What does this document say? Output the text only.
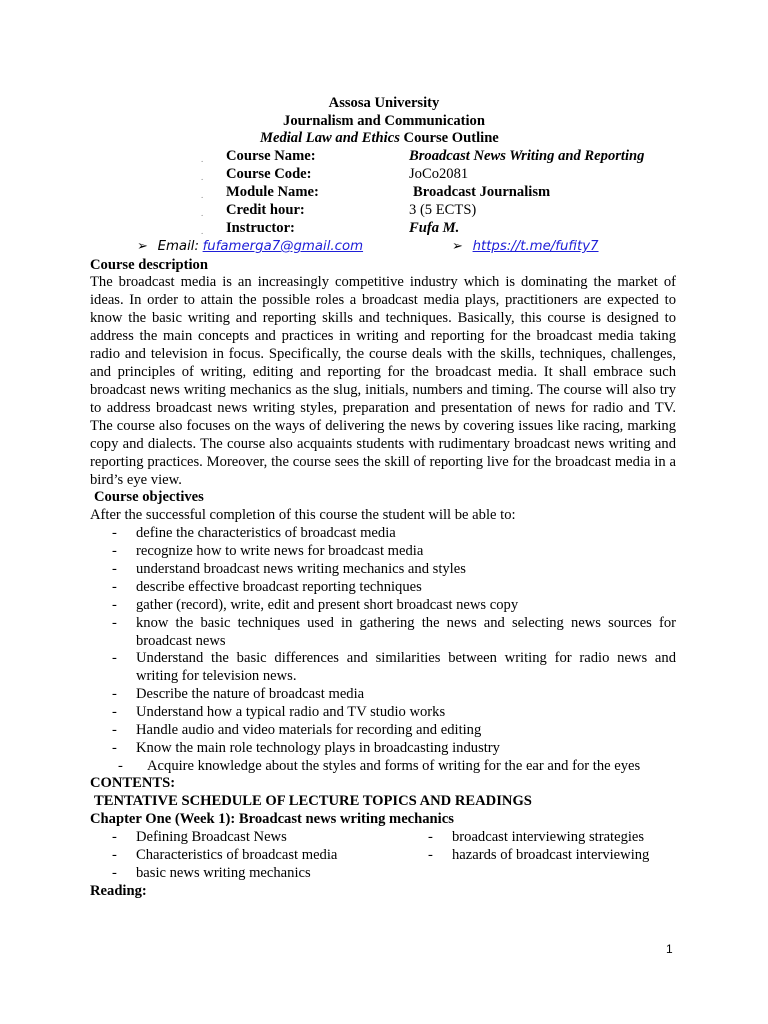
Assosa University
Journalism and Communication
Medial Law and Ethics Course Outline
. Course Name:	Broadcast News Writing and Reporting
. Course Code:	JoCo2081
. Module Name:	Broadcast Journalism
. Credit hour:	3 (5 ECTS)
. Instructor:	Fufa M.
➢ Email: fufamerga7@gmail.com	➢ https://t.me/fufity7
Course description
The broadcast media is an increasingly competitive industry which is dominating the market of ideas. In order to attain the possible roles a broadcast media plays, practitioners are expected to know the basic writing and reporting skills and techniques. Basically, this course is designed to address the main concepts and practices in writing and reporting for the broadcast media taking radio and television in focus. Specifically, the course deals with the skills, techniques, challenges, and principles of writing, editing and reporting for the broadcast media. It shall embrace such broadcast news writing mechanics as the slug, initials, numbers and timing. The course will also try to address broadcast news writing styles, preparation and presentation of news for radio and TV. The course also focuses on the ways of delivering the news by covering issues like racing, marking copy and dialects. The course also acquaints students with rudimentary broadcast news writing and reporting practices. Moreover, the course sees the skill of reporting live for the broadcast media in a bird’s eye view.
Course objectives
After the successful completion of this course the student will be able to:
- define the characteristics of broadcast media
- recognize how to write news for broadcast media
- understand broadcast news writing mechanics and styles
- describe effective broadcast reporting techniques
- gather (record), write, edit and present short broadcast news copy
- know the basic techniques used in gathering the news and selecting news sources for broadcast news
- Understand the basic differences and similarities between writing for radio news and writing for television news.
- Describe the nature of broadcast media
- Understand how a typical radio and TV studio works
- Handle audio and video materials for recording and editing
- Know the main role technology plays in broadcasting industry
- Acquire knowledge about the styles and forms of writing for the ear and for the eyes
CONTENTS:
TENTATIVE SCHEDULE OF LECTURE TOPICS AND READINGS
Chapter One (Week 1): Broadcast news writing mechanics
- Defining Broadcast News
- Characteristics of broadcast media
- basic news writing mechanics
- broadcast interviewing strategies
- hazards of broadcast interviewing
Reading:
1
